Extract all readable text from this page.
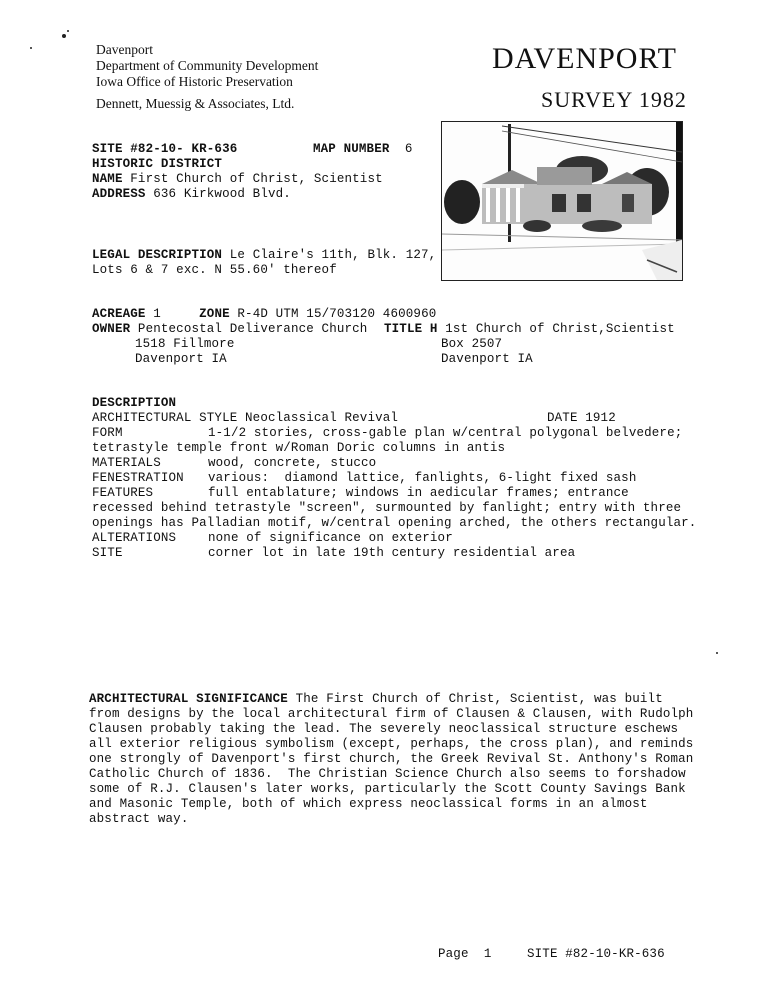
Davenport
Department of Community Development
Iowa Office of Historic Preservation
Dennett, Muessig & Associates, Ltd.
DAVENPORT
SURVEY 1982
SITE #82-10- KR-636	MAP NUMBER 6
HISTORIC DISTRICT
NAME First Church of Christ, Scientist
ADDRESS 636 Kirkwood Blvd.
LEGAL DESCRIPTION Le Claire's 11th, Blk. 127,
Lots 6 & 7 exc. N 55.60' thereof
ACREAGE 1	ZONE R-4D UTM 15/703120 4600960
OWNER Pentecostal Deliverance Church
1518 Fillmore
Davenport IA
TITLE H 1st Church of Christ,Scientist
Box 2507
Davenport IA
DESCRIPTION
ARCHITECTURAL STYLE Neoclassical Revival	DATE 1912
FORM	1-1/2 stories, cross-gable plan w/central polygonal belvedere;
tetrastyle temple front w/Roman Doric columns in antis
MATERIALS	wood, concrete, stucco
FENESTRATION various:  diamond lattice, fanlights, 6-light fixed sash
FEATURES	full entablature; windows in aedicular frames; entrance
recessed behind tetrastyle "screen", surmounted by fanlight; entry with three
openings has Palladian motif, w/central opening arched, the others rectangular.
ALTERATIONS	none of significance on exterior
SITE	corner lot in late 19th century residential area
ARCHITECTURAL SIGNIFICANCE The First Church of Christ, Scientist, was built
from designs by the local architectural firm of Clausen & Clausen, with Rudolph
Clausen probably taking the lead. The severely neoclassical structure eschews
all exterior religious symbolism (except, perhaps, the cross plan), and reminds
one strongly of Davenport's first church, the Greek Revival St. Anthony's Roman
Catholic Church of 1836.  The Christian Science Church also seems to forshadow
some of R.J. Clausen's later works, particularly the Scott County Savings Bank
and Masonic Temple, both of which express neoclassical forms in an almost
abstract way.
Page  1	SITE #82-10-KR-636
